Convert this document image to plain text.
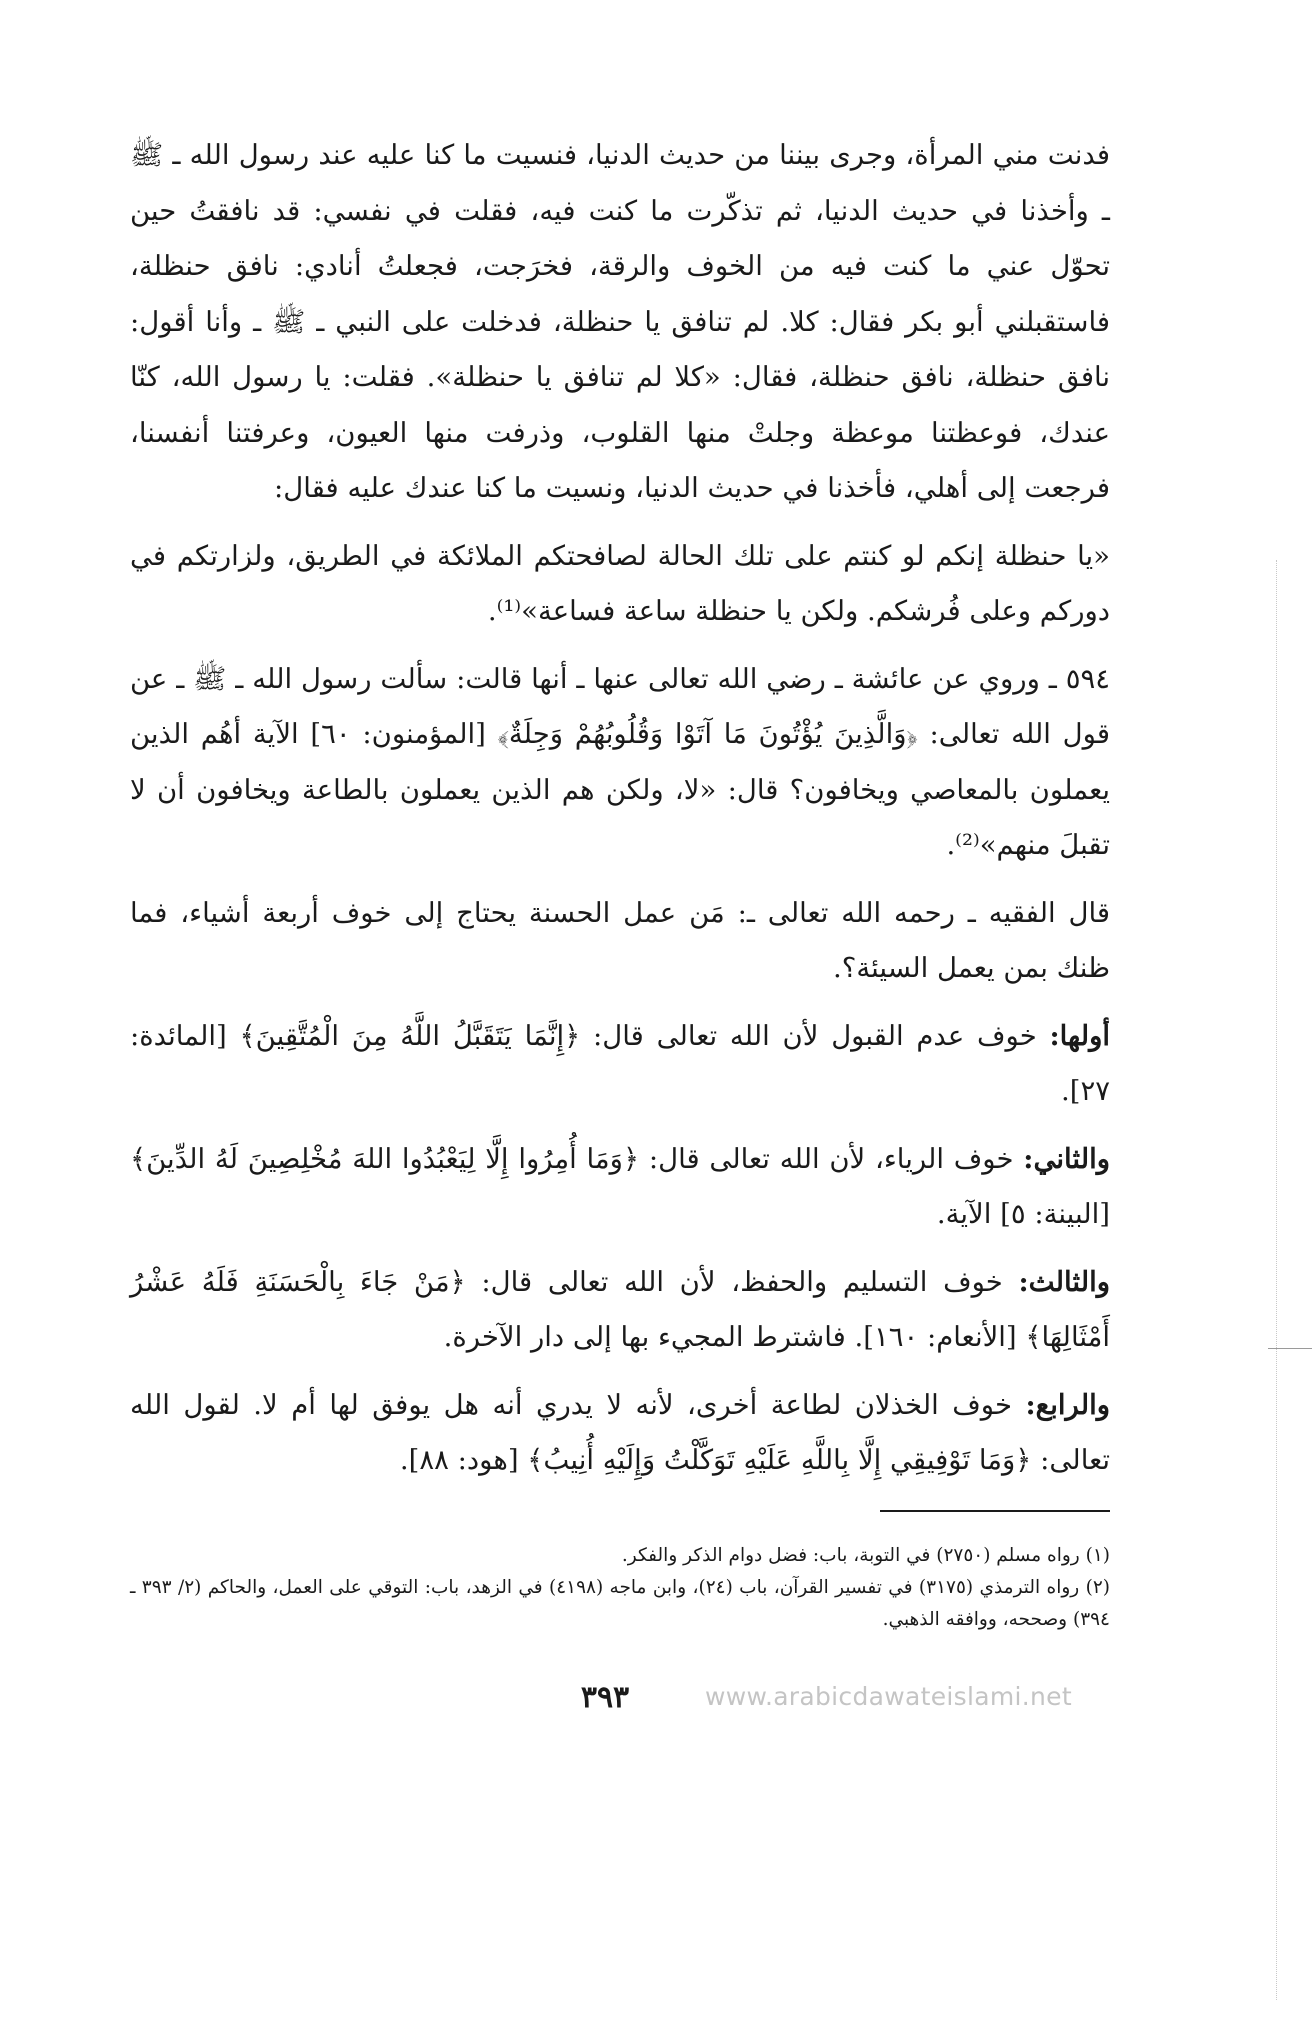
فدنت مني المرأة، وجرى بيننا من حديث الدنيا، فنسيت ما كنا عليه عند رسول الله ـ ﷺ ـ وأخذنا في حديث الدنيا، ثم تذكّرت ما كنت فيه، فقلت في نفسي: قد نافقتُ حين تحوّل عني ما كنت فيه من الخوف والرقة، فخرَجت، فجعلتُ أنادي: نافق حنظلة، فاستقبلني أبو بكر فقال: كلا. لم تنافق يا حنظلة، فدخلت على النبي ـ ﷺ ـ وأنا أقول: نافق حنظلة، نافق حنظلة، فقال: «كلا لم تنافق يا حنظلة». فقلت: يا رسول الله، كنّا عندك، فوعظتنا موعظة وجلتْ منها القلوب، وذرفت منها العيون، وعرفتنا أنفسنا، فرجعت إلى أهلي، فأخذنا في حديث الدنيا، ونسيت ما كنا عندك عليه فقال:

«يا حنظلة إنكم لو كنتم على تلك الحالة لصافحتكم الملائكة في الطريق، ولزارتكم في دوركم وعلى فُرشكم. ولكن يا حنظلة ساعة فساعة»⁽¹⁾.

٥٩٤ ـ وروي عن عائشة ـ رضي الله تعالى عنها ـ أنها قالت: سألت رسول الله ـ ﷺ ـ عن قول الله تعالى: ﴿وَالَّذِينَ يُؤْتُونَ مَا آتَوْا وَقُلُوبُهُمْ وَجِلَةٌ﴾ [المؤمنون: ٦٠] الآية أهُم الذين يعملون بالمعاصي ويخافون؟ قال: «لا، ولكن هم الذين يعملون بالطاعة ويخافون أن لا تقبلَ منهم»⁽²⁾.

قال الفقيه ـ رحمه الله تعالى ـ: مَن عمل الحسنة يحتاج إلى خوف أربعة أشياء، فما ظنك بمن يعمل السيئة؟.

أولها: خوف عدم القبول لأن الله تعالى قال: ﴿إِنَّمَا يَتَقَبَّلُ اللَّهُ مِنَ الْمُتَّقِينَ﴾ [المائدة: ٢٧].

والثاني: خوف الرياء، لأن الله تعالى قال: ﴿وَمَا أُمِرُوا إِلَّا لِيَعْبُدُوا اللهَ مُخْلِصِينَ لَهُ الدِّينَ﴾ [البينة: ٥] الآية.

والثالث: خوف التسليم والحفظ، لأن الله تعالى قال: ﴿مَنْ جَاءَ بِالْحَسَنَةِ فَلَهُ عَشْرُ أَمْثَالِهَا﴾ [الأنعام: ١٦٠]. فاشترط المجيء بها إلى دار الآخرة.

والرابع: خوف الخذلان لطاعة أخرى، لأنه لا يدري أنه هل يوفق لها أم لا. لقول الله تعالى: ﴿وَمَا تَوْفِيقِي إِلَّا بِاللَّهِ عَلَيْهِ تَوَكَّلْتُ وَإِلَيْهِ أُنِيبُ﴾ [هود: ٨٨].

(١) رواه مسلم (٢٧٥٠) في التوبة، باب: فضل دوام الذكر والفكر.

(٢) رواه الترمذي (٣١٧٥) في تفسير القرآن، باب (٢٤)، وابن ماجه (٤١٩٨) في الزهد، باب: التوقي على العمل، والحاكم (٢/ ٣٩٣ ـ ٣٩٤) وصححه، ووافقه الذهبي.

٣٩٣	www.arabicdawateislami.net
